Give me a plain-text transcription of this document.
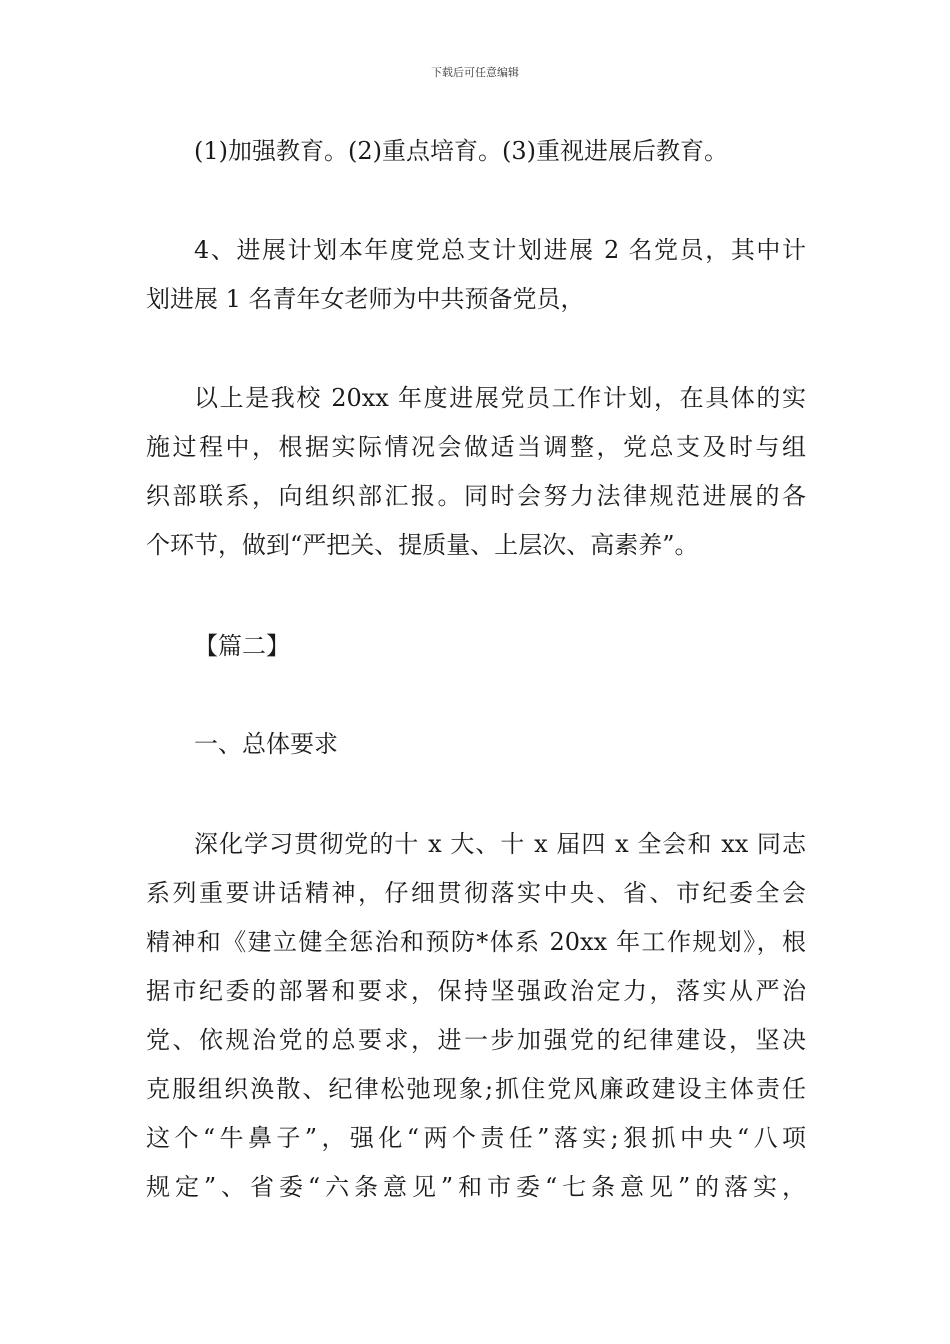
下载后可任意编辑
(1)加强教育。(2)重点培育。(3)重视进展后教育。
4、进展计划本年度党总支计划进展 2 名党员，其中计
划进展 1 名青年女老师为中共预备党员，
以上是我校 20xx 年度进展党员工作计划，在具体的实
施过程中，根据实际情况会做适当调整，党总支及时与组
织部联系，向组织部汇报。同时会努力法律规范进展的各
个环节，做到“严把关、提质量、上层次、高素养”。
【篇二】
一、总体要求
深化学习贯彻党的十 x 大、十 x 届四 x 全会和 xx 同志
系列重要讲话精神，仔细贯彻落实中央、省、市纪委全会
精神和《建立健全惩治和预防*体系 20xx 年工作规划》，根
据市纪委的部署和要求，保持坚强政治定力，落实从严治
党、依规治党的总要求，进一步加强党的纪律建设，坚决
克服组织涣散、纪律松弛现象;抓住党风廉政建设主体责任
这个“牛鼻子”，强化“两个责任”落实;狠抓中央“八项
规定”、省委“六条意见”和市委“七条意见”的落实，
